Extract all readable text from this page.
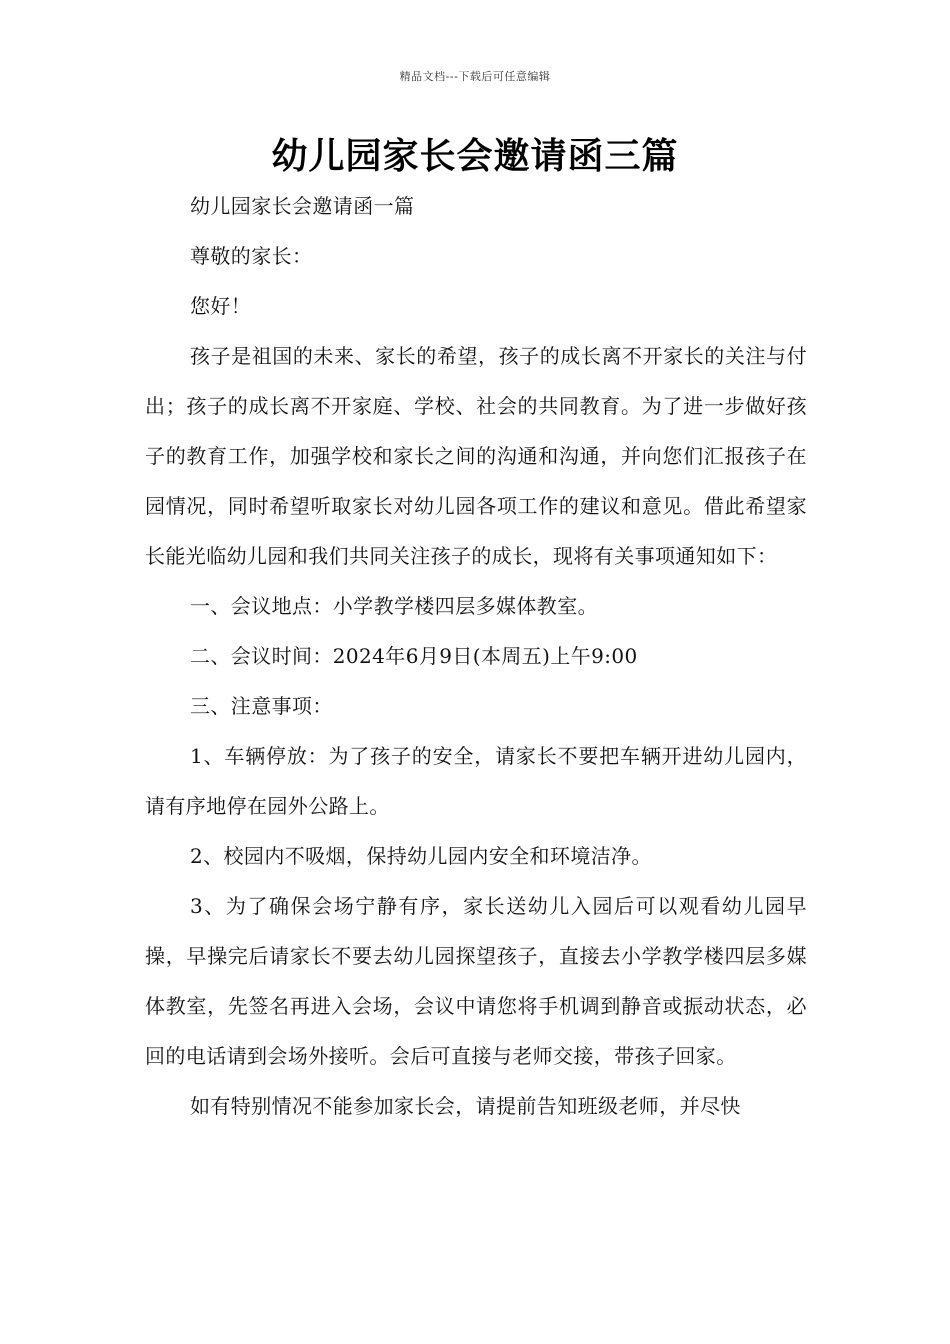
精品文档---下载后可任意编辑
幼儿园家长会邀请函三篇

幼儿园家长会邀请函一篇

尊敬的家长：

您好！

孩子是祖国的未来、家长的希望，孩子的成长离不开家长的关注与付出；孩子的成长离不开家庭、学校、社会的共同教育。为了进一步做好孩子的教育工作，加强学校和家长之间的沟通和沟通，并向您们汇报孩子在园情况，同时希望听取家长对幼儿园各项工作的建议和意见。借此希望家长能光临幼儿园和我们共同关注孩子的成长，现将有关事项通知如下：

一、会议地点：小学教学楼四层多媒体教室。

二、会议时间：2024年6月9日(本周五)上午9:00

三、注意事项：

1、车辆停放：为了孩子的安全，请家长不要把车辆开进幼儿园内，请有序地停在园外公路上。

2、校园内不吸烟，保持幼儿园内安全和环境洁净。

3、为了确保会场宁静有序，家长送幼儿入园后可以观看幼儿园早操，早操完后请家长不要去幼儿园探望孩子，直接去小学教学楼四层多媒体教室，先签名再进入会场，会议中请您将手机调到静音或振动状态，必回的电话请到会场外接听。会后可直接与老师交接，带孩子回家。

如有特别情况不能参加家长会，请提前告知班级老师，并尽快
